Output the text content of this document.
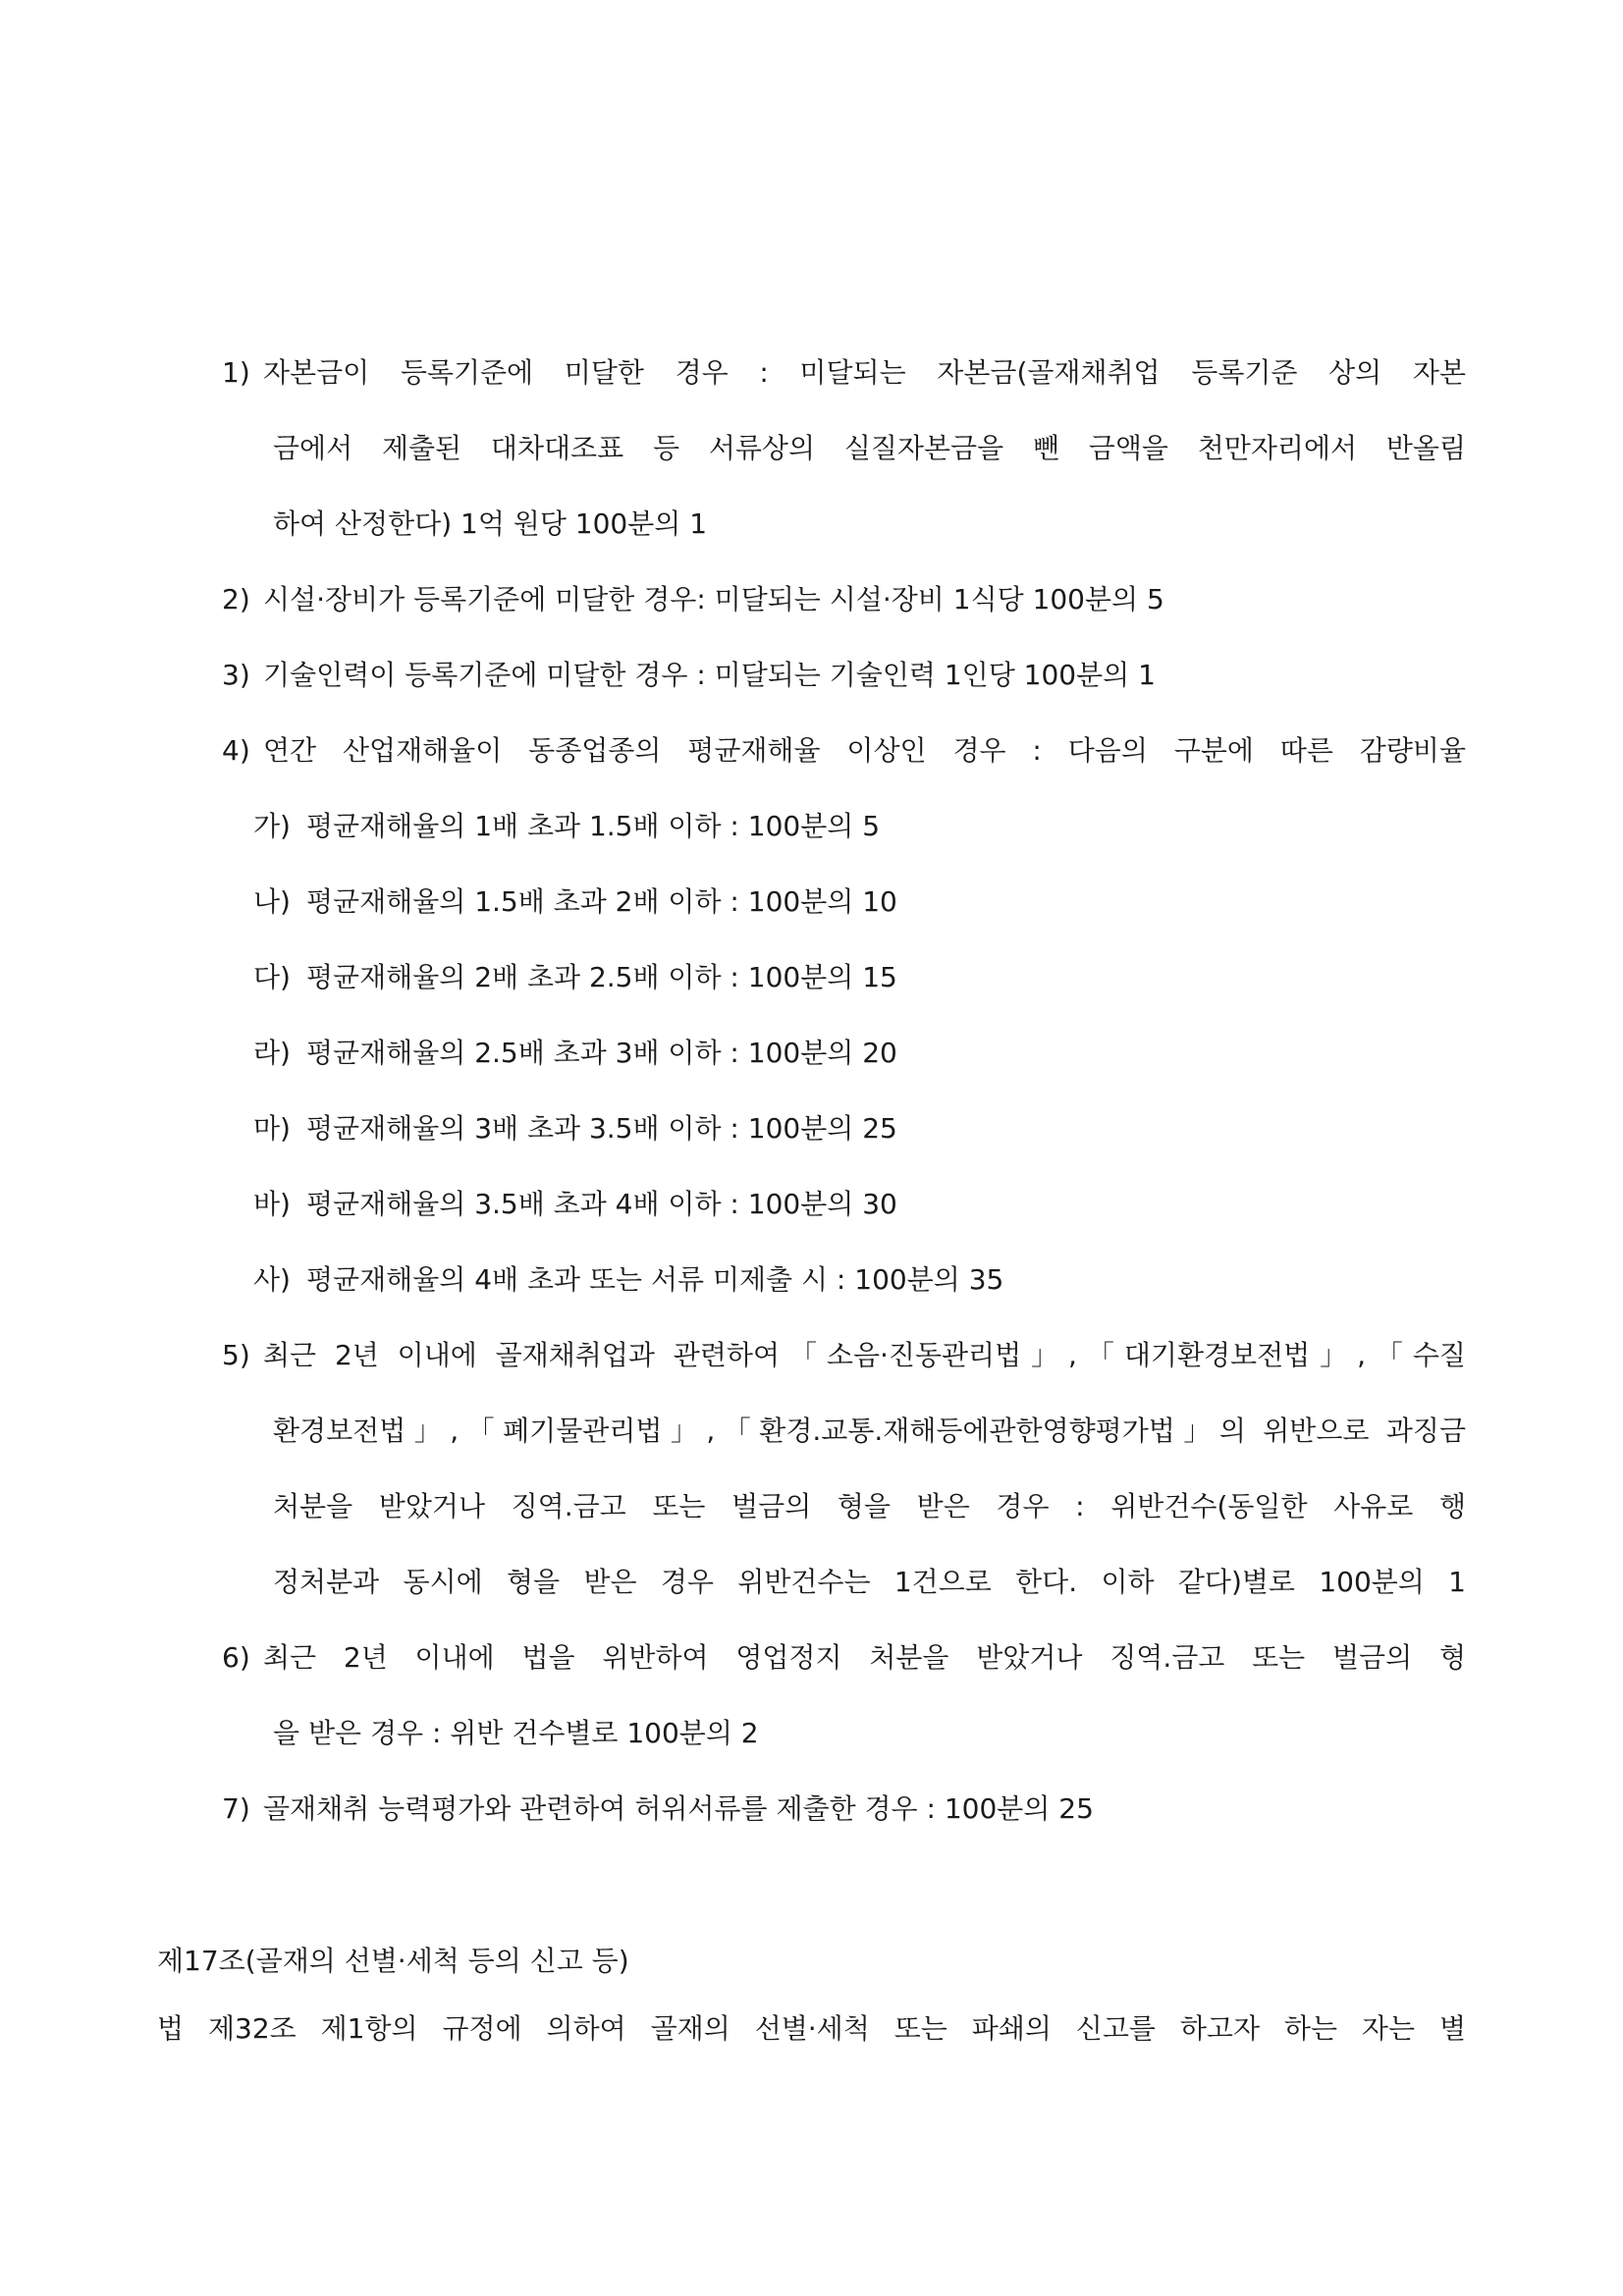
1) 자본금이 등록기준에 미달한 경우 : 미달되는 자본금(골재채취업 등록기준 상의 자본
금에서 제출된 대차대조표 등 서류상의 실질자본금을 뺀 금액을 천만자리에서 반올림
하여 산정한다) 1억 원당 100분의 1
2) 시설·장비가 등록기준에 미달한 경우: 미달되는 시설·장비 1식당 100분의 5
3) 기술인력이 등록기준에 미달한 경우 : 미달되는 기술인력 1인당 100분의 1
4) 연간 산업재해율이 동종업종의 평균재해율 이상인 경우 : 다음의 구분에 따른 감량비율
가) 평균재해율의 1배 초과 1.5배 이하 : 100분의 5
나) 평균재해율의 1.5배 초과 2배 이하 : 100분의 10
다) 평균재해율의 2배 초과 2.5배 이하 : 100분의 15
라) 평균재해율의 2.5배 초과 3배 이하 : 100분의 20
마) 평균재해율의 3배 초과 3.5배 이하 : 100분의 25
바) 평균재해율의 3.5배 초과 4배 이하 : 100분의 30
사) 평균재해율의 4배 초과 또는 서류 미제출 시 : 100분의 35
5) 최근 2년 이내에 골재채취업과 관련하여「소음·진동관리법」,「대기환경보전법」,「수질
환경보전법」,「폐기물관리법」,「환경.교통.재해등에관한영향평가법」의 위반으로 과징금
처분을 받았거나 징역.금고 또는 벌금의 형을 받은 경우 : 위반건수(동일한 사유로 행
정처분과 동시에 형을 받은 경우 위반건수는 1건으로 한다. 이하 같다)별로 100분의 1
6) 최근 2년 이내에 법을 위반하여 영업정지 처분을 받았거나 징역.금고 또는 벌금의 형
을 받은 경우 : 위반 건수별로 100분의 2
7) 골재채취 능력평가와 관련하여 허위서류를 제출한 경우 : 100분의 25
제17조(골재의 선별·세척 등의 신고 등)
법 제32조 제1항의 규정에 의하여 골재의 선별·세척 또는 파쇄의 신고를 하고자 하는 자는 별
